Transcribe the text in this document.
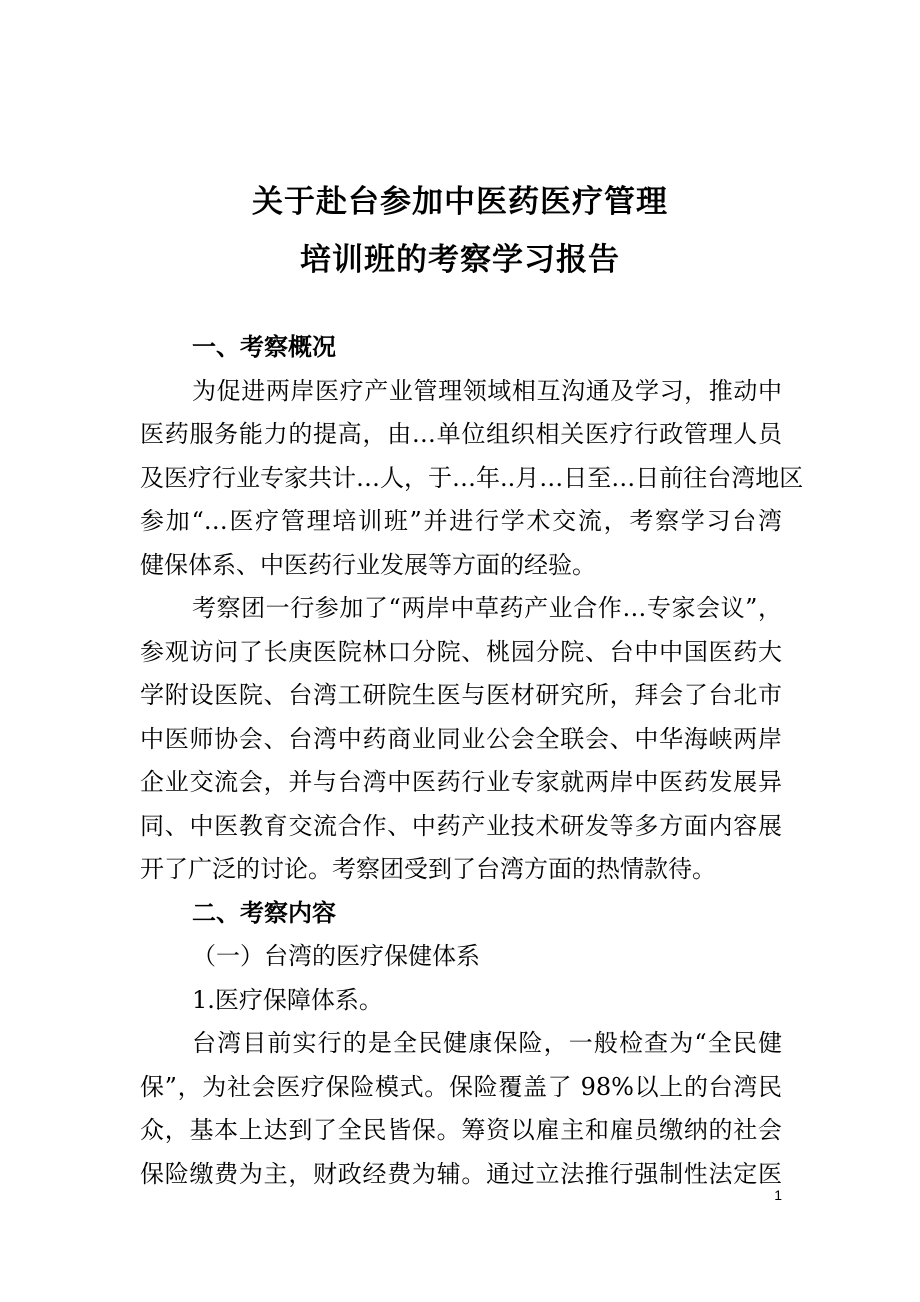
关于赴台参加中医药医疗管理
培训班的考察学习报告
一、考察概况
为促进两岸医疗产业管理领域相互沟通及学习，推动中
医药服务能力的提高，由…单位组织相关医疗行政管理人员
及医疗行业专家共计…人，于…年..月…日至…日前往台湾地区
参加“…医疗管理培训班”并进行学术交流，考察学习台湾
健保体系、中医药行业发展等方面的经验。
考察团一行参加了“两岸中草药产业合作…专家会议”，
参观访问了长庚医院林口分院、桃园分院、台中中国医药大
学附设医院、台湾工研院生医与医材研究所，拜会了台北市
中医师协会、台湾中药商业同业公会全联会、中华海峡两岸
企业交流会，并与台湾中医药行业专家就两岸中医药发展异
同、中医教育交流合作、中药产业技术研发等多方面内容展
开了广泛的讨论。考察团受到了台湾方面的热情款待。
二、考察内容
（一）台湾的医疗保健体系
1.医疗保障体系。
台湾目前实行的是全民健康保险，一般检查为“全民健
保”，为社会医疗保险模式。保险覆盖了 98%以上的台湾民
众，基本上达到了全民皆保。筹资以雇主和雇员缴纳的社会
保险缴费为主，财政经费为辅。通过立法推行强制性法定医
1
